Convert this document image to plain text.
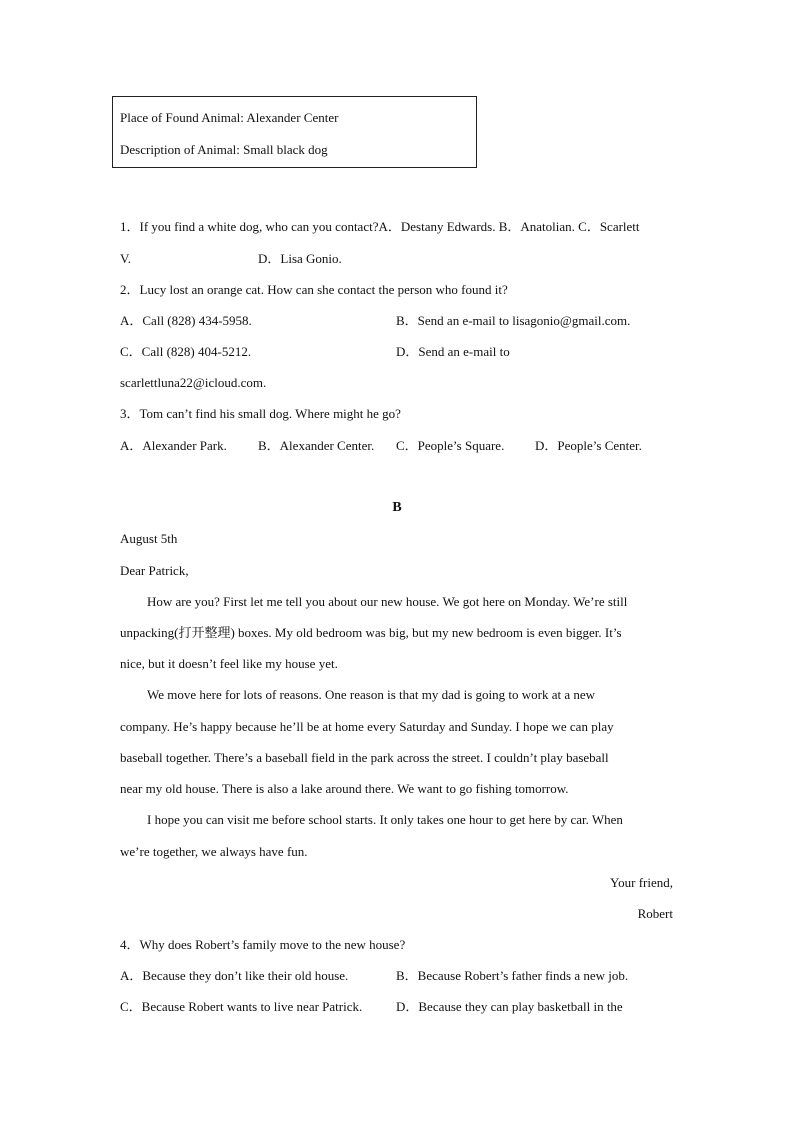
Place of Found Animal: Alexander Center
Description of Animal: Small black dog
1．If you find a white dog, who can you contact?A．Destany Edwards. B．Anatolian. C．Scarlett
V.	D．Lisa Gonio.
2．Lucy lost an orange cat. How can she contact the person who found it?
A．Call (828) 434-5958.	B．Send an e-mail to lisagonio@gmail.com.
C．Call (828) 404-5212.	D．Send an e-mail to
scarlettluna22@icloud.com.
3．Tom can’t find his small dog. Where might he go?
A．Alexander Park. B．Alexander Center. C．People’s Square. D．People’s Center.
B
August 5th
Dear Patrick,
How are you? First let me tell you about our new house. We got here on Monday. We’re still
unpacking(打开整理) boxes. My old bedroom was big, but my new bedroom is even bigger. It’s
nice, but it doesn’t feel like my house yet.
We move here for lots of reasons. One reason is that my dad is going to work at a new
company. He’s happy because he’ll be at home every Saturday and Sunday. I hope we can play
baseball together. There’s a baseball field in the park across the street. I couldn’t play baseball
near my old house. There is also a lake around there. We want to go fishing tomorrow.
I hope you can visit me before school starts. It only takes one hour to get here by car. When
we’re together, we always have fun.
Your friend,
Robert
4．Why does Robert’s family move to the new house?
A．Because they don’t like their old house.	B．Because Robert’s father finds a new job.
C．Because Robert wants to live near Patrick.	D．Because they can play basketball in the
